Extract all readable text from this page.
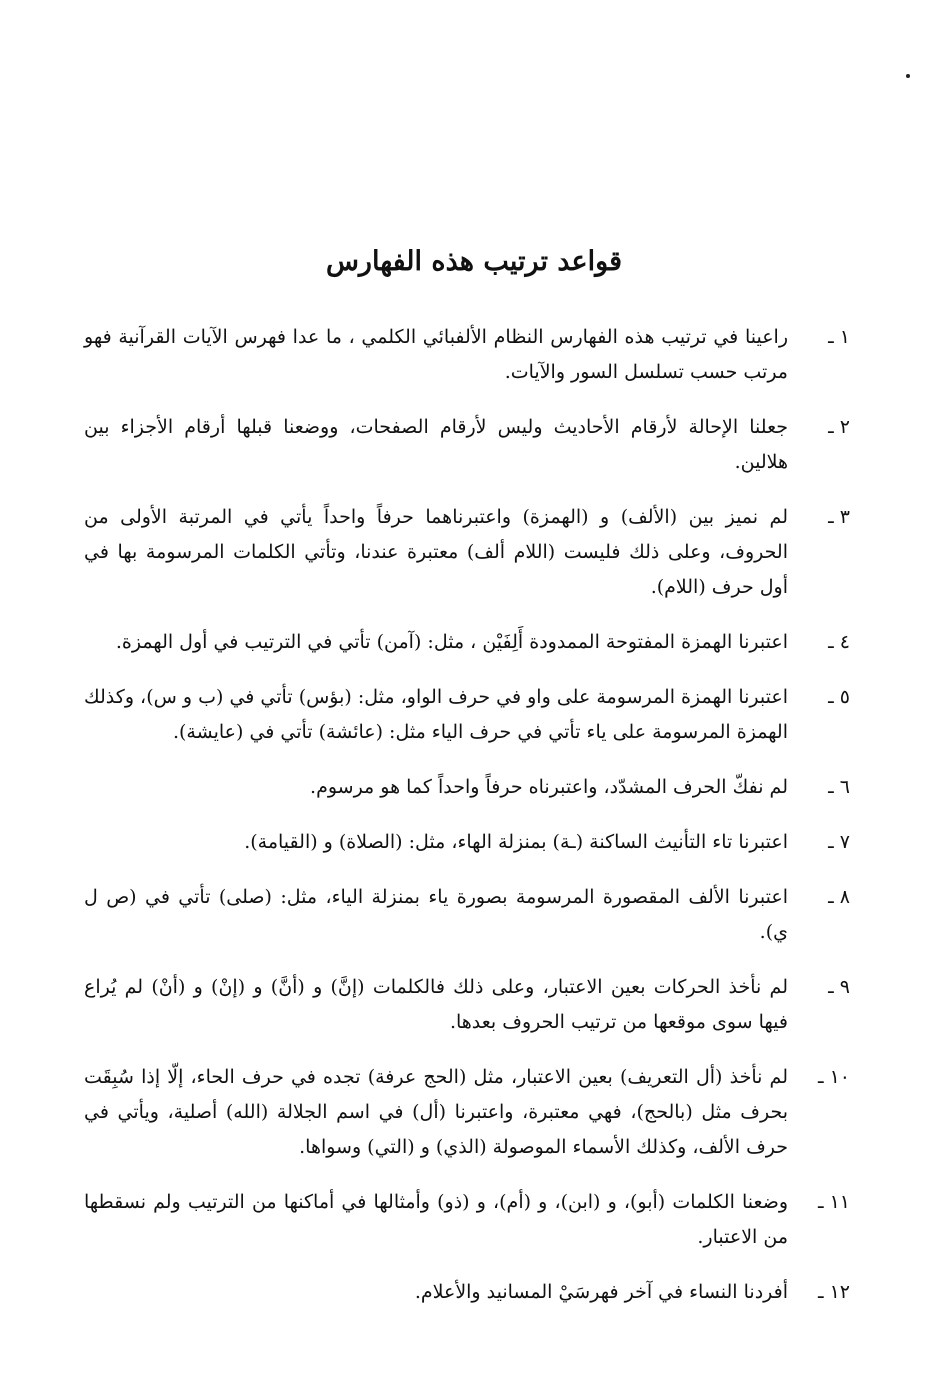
قواعد ترتيب هذه الفهارس
١ ـ
راعينا في ترتيب هذه الفهارس النظام الألفبائي الكلمي ، ما عدا فهرس الآيات القرآنية فهو مرتب حسب تسلسل السور والآيات.
٢ ـ
جعلنا الإحالة لأرقام الأحاديث وليس لأرقام الصفحات، ووضعنا قبلها أرقام الأجزاء بين هلالين.
٣ ـ
لم نميز بين (الألف) و (الهمزة) واعتبرناهما حرفاً واحداً يأتي في المرتبة الأولى من الحروف، وعلى ذلك فليست (اللام ألف) معتبرة عندنا، وتأتي الكلمات المرسومة بها في أول حرف (اللام).
٤ ـ
اعتبرنا الهمزة المفتوحة الممدودة أَلِفَيْن ، مثل: (آمن) تأتي في الترتيب في أول الهمزة.
٥ ـ
اعتبرنا الهمزة المرسومة على واو في حرف الواو، مثل: (بؤس) تأتي في (ب و س)، وكذلك الهمزة المرسومة على ياء تأتي في حرف الياء مثل: (عائشة) تأتي في (عايشة).
٦ ـ
لم نفكّ الحرف المشدّد، واعتبرناه حرفاً واحداً كما هو مرسوم.
٧ ـ
اعتبرنا تاء التأنيث الساكنة (ـة) بمنزلة الهاء، مثل: (الصلاة) و (القيامة).
٨ ـ
اعتبرنا الألف المقصورة المرسومة بصورة ياء بمنزلة الياء، مثل: (صلى) تأتي في (ص ل ي).
٩ ـ
لم نأخذ الحركات بعين الاعتبار، وعلى ذلك فالكلمات (إنَّ) و (أنَّ) و (إنْ) و (أنْ) لم يُراع فيها سوى موقعها من ترتيب الحروف بعدها.
١٠ ـ
لم نأخذ (أل التعريف) بعين الاعتبار، مثل (الحج عرفة) تجده في حرف الحاء، إلّا إذا سُبِقَت بحرف مثل (بالحج)، فهي معتبرة، واعتبرنا (أل) في اسم الجلالة (الله) أصلية، ويأتي في حرف الألف، وكذلك الأسماء الموصولة (الذي) و (التي) وسواها.
١١ ـ
وضعنا الكلمات (أبو)، و (ابن)، و (أم)، و (ذو) وأمثالها في أماكنها من الترتيب ولم نسقطها من الاعتبار.
١٢ ـ
أفردنا النساء في آخر فهرسَيْ المسانيد والأعلام.
